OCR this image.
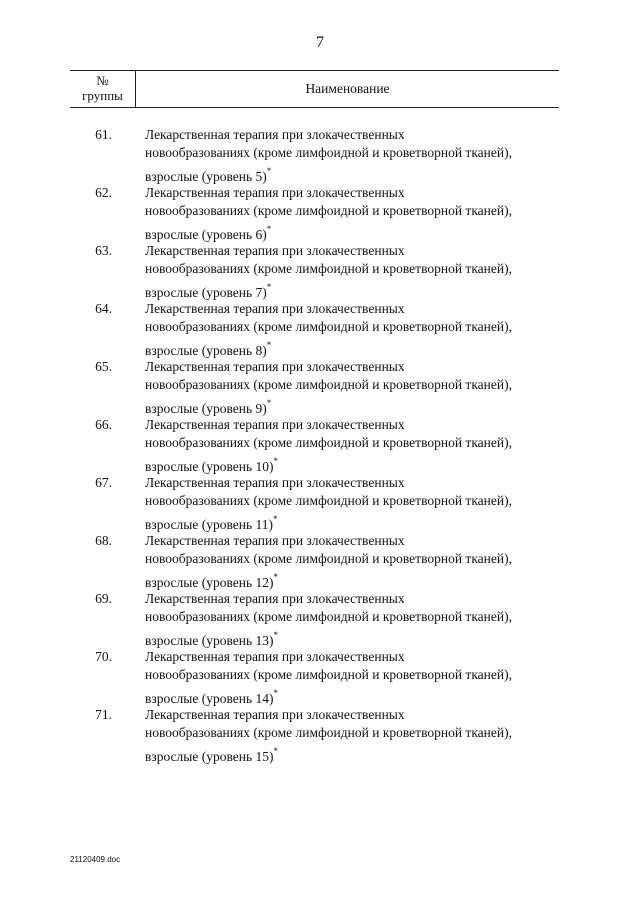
7
№
группы	Наименование
61. Лекарственная терапия при злокачественных
новообразованиях (кроме лимфоидной и кроветворной тканей),
взрослые (уровень 5)*
62. Лекарственная терапия при злокачественных
новообразованиях (кроме лимфоидной и кроветворной тканей),
взрослые (уровень 6)*
63. Лекарственная терапия при злокачественных
новообразованиях (кроме лимфоидной и кроветворной тканей),
взрослые (уровень 7)*
64. Лекарственная терапия при злокачественных
новообразованиях (кроме лимфоидной и кроветворной тканей),
взрослые (уровень 8)*
65. Лекарственная терапия при злокачественных
новообразованиях (кроме лимфоидной и кроветворной тканей),
взрослые (уровень 9)*
66. Лекарственная терапия при злокачественных
новообразованиях (кроме лимфоидной и кроветворной тканей),
взрослые (уровень 10)*
67. Лекарственная терапия при злокачественных
новообразованиях (кроме лимфоидной и кроветворной тканей),
взрослые (уровень 11)*
68. Лекарственная терапия при злокачественных
новообразованиях (кроме лимфоидной и кроветворной тканей),
взрослые (уровень 12)*
69. Лекарственная терапия при злокачественных
новообразованиях (кроме лимфоидной и кроветворной тканей),
взрослые (уровень 13)*
70. Лекарственная терапия при злокачественных
новообразованиях (кроме лимфоидной и кроветворной тканей),
взрослые (уровень 14)*
71. Лекарственная терапия при злокачественных
новообразованиях (кроме лимфоидной и кроветворной тканей),
взрослые (уровень 15)*
21120409.doc
